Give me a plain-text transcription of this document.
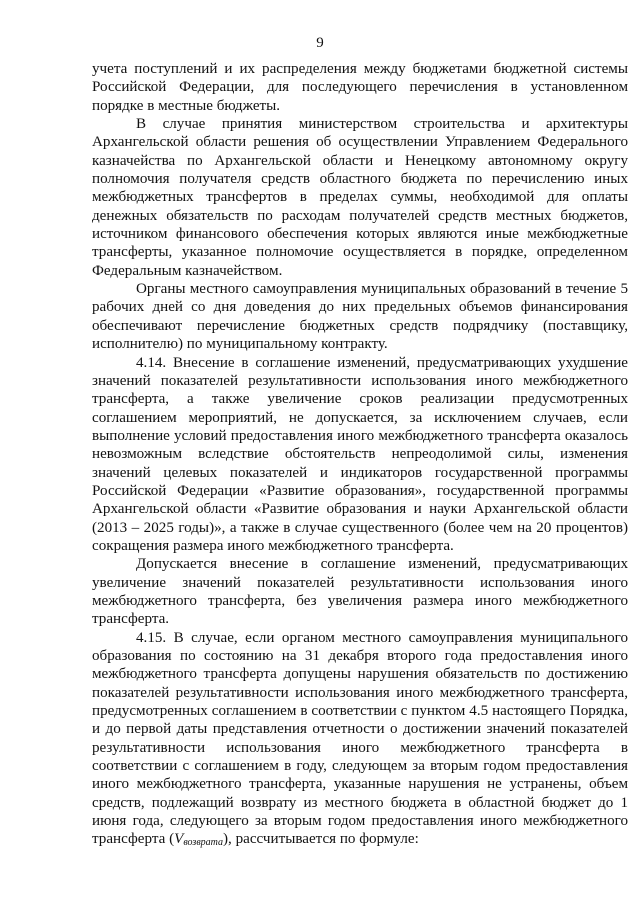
9

учета поступлений и их распределения между бюджетами бюджетной системы Российской Федерации, для последующего перечисления в установленном порядке в местные бюджеты.

В случае принятия министерством строительства и архитектуры Архангельской области решения об осуществлении Управлением Федерального казначейства по Архангельской области и Ненецкому автономному округу полномочия получателя средств областного бюджета по перечислению иных межбюджетных трансфертов в пределах суммы, необходимой для оплаты денежных обязательств по расходам получателей средств местных бюджетов, источником финансового обеспечения которых являются иные межбюджетные трансферты, указанное полномочие осуществляется в порядке, определенном Федеральным казначейством.

Органы местного самоуправления муниципальных образований в течение 5 рабочих дней со дня доведения до них предельных объемов финансирования обеспечивают перечисление бюджетных средств подрядчику (поставщику, исполнителю) по муниципальному контракту.

4.14. Внесение в соглашение изменений, предусматривающих ухудшение значений показателей результативности использования иного межбюджетного трансферта, а также увеличение сроков реализации предусмотренных соглашением мероприятий, не допускается, за исключением случаев, если выполнение условий предоставления иного межбюджетного трансферта оказалось невозможным вследствие обстоятельств непреодолимой силы, изменения значений целевых показателей и индикаторов государственной программы Российской Федерации «Развитие образования», государственной программы Архангельской области «Развитие образования и науки Архангельской области (2013 – 2025 годы)», а также в случае существенного (более чем на 20 процентов) сокращения размера иного межбюджетного трансферта.

Допускается внесение в соглашение изменений, предусматривающих увеличение значений показателей результативности использования иного межбюджетного трансферта, без увеличения размера иного межбюджетного трансферта.

4.15. В случае, если органом местного самоуправления муниципального образования по состоянию на 31 декабря второго года предоставления иного межбюджетного трансферта допущены нарушения обязательств по достижению показателей результативности использования иного межбюджетного трансферта, предусмотренных соглашением в соответствии с пунктом 4.5 настоящего Порядка, и до первой даты представления отчетности о достижении значений показателей результативности использования иного межбюджетного трансферта в соответствии с соглашением в году, следующем за вторым годом предоставления иного межбюджетного трансферта, указанные нарушения не устранены, объем средств, подлежащий возврату из местного бюджета в областной бюджет до 1 июня года, следующего за вторым годом предоставления иного межбюджетного трансферта $(V_{возврата})$, рассчитывается по формуле:
